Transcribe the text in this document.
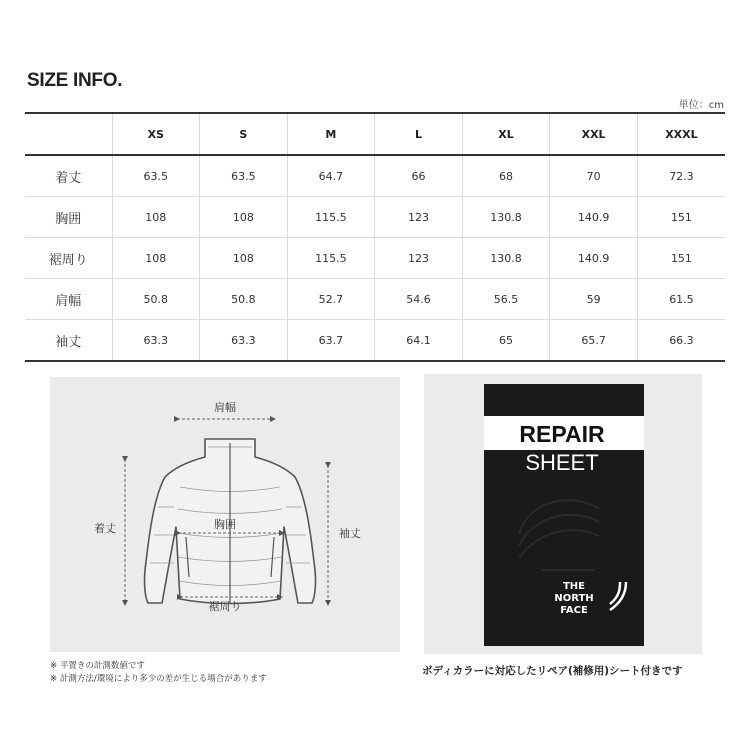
SIZE INFO.
単位：cm
	XS	S	M	L	XL	XXL	XXXL
着丈	63.5	63.5	64.7	66	68	70	72.3
胸囲	108	108	115.5	123	130.8	140.9	151
裾周り	108	108	115.5	123	130.8	140.9	151
肩幅	50.8	50.8	52.7	54.6	56.5	59	61.5
袖丈	63.3	63.3	63.7	64.1	65	65.7	66.3
肩幅
着丈	胸囲
袖丈
裾周り
REPAIR
SHEET
THE
NORTH
FACE
※ 平置きの計測数値です
※ 計測方法/環境により多少の差が生じる場合があります
ボディカラーに対応したリペア(補修用)シート付きです
